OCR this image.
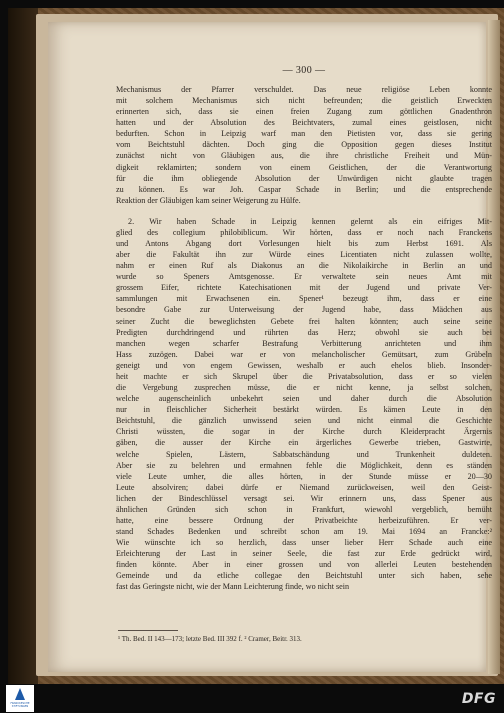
— 300 —
Mechanismus der Pfarrer verschuldet. Das neue religiöse Leben konnte
mit solchem Mechanismus sich nicht befreunden; die geistlich Erweckten
erinnerten sich, dass sie einen freien Zugang zum göttlichen Gnadenthron
hatten und der Absolution des Beichtvaters, zumal eines geistlosen, nicht
bedurften. Schon in Leipzig warf man den Pietisten vor, dass sie gering
vom Beichtstuhl dächten. Doch ging die Opposition gegen dieses Institut
zunächst nicht von Gläubigen aus, die ihre christliche Freiheit und Mün-
digkeit reklamirten; sondern von einem Geistlichen, der die Verantwortung
für die ihm obliegende Absolution der Unwürdigen nicht glaubte tragen
zu können. Es war Joh. Caspar Schade in Berlin; und die entsprechende
Reaktion der Gläubigen kam seiner Weigerung zu Hülfe.
2. Wir haben Schade in Leipzig kennen gelernt als ein eifriges Mit-
glied des collegium philobiblicum. Wir hörten, dass er noch nach Franckens
und Antons Abgang dort Vorlesungen hielt bis zum Herbst 1691. Als
aber die Fakultät ihn zur Würde eines Licentiaten nicht zulassen wollte,
nahm er einen Ruf als Diakonus an die Nikolaikirche in Berlin an und
wurde so Speners Amtsgenosse. Er verwaltete sein neues Amt mit
grossem Eifer, richtete Katechisationen mit der Jugend und private Ver-
sammlungen mit Erwachsenen ein. Spener¹ bezeugt ihm, dass er eine
besondre Gabe zur Unterweisung der Jugend habe, dass Mädchen aus
seiner Zucht die beweglichsten Gebete frei halten könnten; auch seine seine
Predigten durchdringend und rührten das Herz; obwohl sie auch bei
manchen wegen scharfer Bestrafung Verbitterung anrichteten und ihm
Hass zuzögen. Dabei war er von melancholischer Gemütsart, zum Grübeln
geneigt und von engem Gewissen, weshalb er auch ehelos blieb. Insonder-
heit machte er sich Skrupel über die Privatabsolution, dass er so vielen
die Vergebung zusprechen müsse, die er nicht kenne, ja selbst solchen,
welche augenscheinlich unbekehrt seien und daher durch die Absolution
nur in fleischlicher Sicherheit bestärkt würden. Es kämen Leute in den
Beichtstuhl, die gänzlich unwissend seien und nicht einmal die Geschichte
Christi wüssten, die sogar in der Kirche durch Kleiderpracht Ärgernis
gäben, die ausser der Kirche ein ärgerliches Gewerbe trieben, Gastwirte,
welche Spielen, Lästern, Sabbatschändung und Trunkenheit duldeten.
Aber sie zu belehren und ermahnen fehle die Möglichkeit, denn es ständen
viele Leute umher, die alles hörten, in der Stunde müsse er 20—30
Leute absolviren; dabei dürfe er Niemand zurückweisen, weil den Geist-
lichen der Bindeschlüssel versagt sei. Wir erinnern uns, dass Spener aus
ähnlichen Gründen sich schon in Frankfurt, wiewohl vergeblich, bemüht
hatte, eine bessere Ordnung der Privatbeichte herbeizuführen. Er ver-
stand Schades Bedenken und schreibt schon am 19. Mai 1694 an Francke:²
Wie wünschte ich so herzlich, dass unser lieber Herr Schade auch eine
Erleichterung der Last in seiner Seele, die fast zur Erde gedrückt wird,
finden könnte. Aber in einer grossen und von allerlei Leuten bestehenden
Gemeinde und da etliche collegae den Beichtstuhl unter sich haben, sehe
fast das Geringste nicht, wie der Mann Leichterung finde, wo nicht sein
¹ Th. Bed. II 143—173; letzte Bed. III 392 f. ² Cramer, Beitr. 313.
FRANCKESCHE STIFTUNGEN	DFG
